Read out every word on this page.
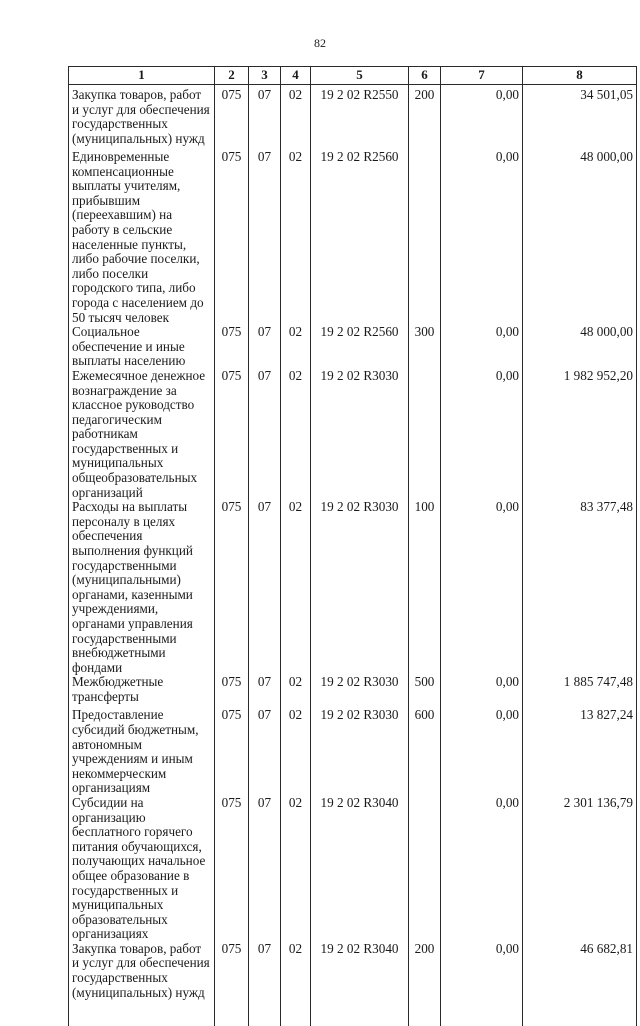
82
1	2	3	4	5	6	7	8
Закупка товаров, работ и услуг для обеспечения государственных (муниципальных) нужд	075	07	02	19 2 02 R2550	200	0,00	34 501,05
Единовременные компенсационные выплаты учителям, прибывшим (переехавшим) на работу в сельские населенные пункты, либо рабочие поселки, либо поселки городского типа, либо города с населением до 50 тысяч человек	075	07	02	19 2 02 R2560		0,00	48 000,00
Социальное обеспечение и иные выплаты населению	075	07	02	19 2 02 R2560	300	0,00	48 000,00
Ежемесячное денежное вознаграждение за классное руководство педагогическим работникам государственных и муниципальных общеобразовательных организаций	075	07	02	19 2 02 R3030		0,00	1 982 952,20
Расходы на выплаты персоналу в целях обеспечения выполнения функций государственными (муниципальными) органами, казенными учреждениями, органами управления государственными внебюджетными фондами	075	07	02	19 2 02 R3030	100	0,00	83 377,48
Межбюджетные трансферты	075	07	02	19 2 02 R3030	500	0,00	1 885 747,48
Предоставление субсидий бюджетным, автономным учреждениям и иным некоммерческим организациям	075	07	02	19 2 02 R3030	600	0,00	13 827,24
Субсидии на организацию бесплатного горячего питания обучающихся, получающих начальное общее образование в государственных и муниципальных образовательных организациях	075	07	02	19 2 02 R3040		0,00	2 301 136,79
Закупка товаров, работ и услуг для обеспечения государственных (муниципальных) нужд	075	07	02	19 2 02 R3040	200	0,00	46 682,81
